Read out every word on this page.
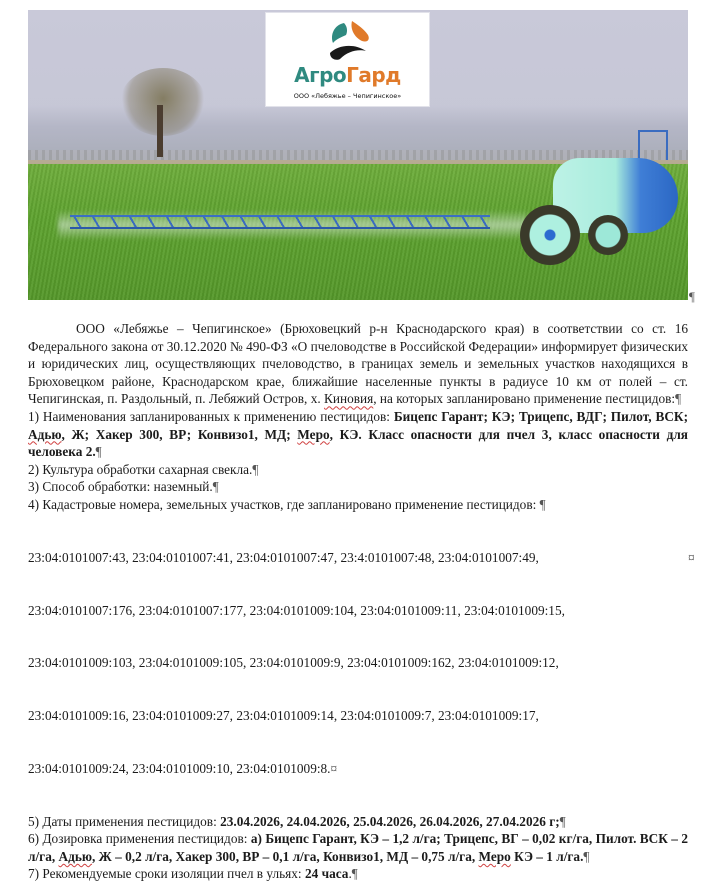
АгроГард
ООО «Лебяжье – Чепигинское»
¶

ООО «Лебяжье – Чепигинское» (Брюховецкий р-н Краснодарского края) в соответствии со ст. 16 Федерального закона от 30.12.2020 № 490-ФЗ «О пчеловодстве в Российской Федерации» информирует физических и юридических лиц, осуществляющих пчеловодство, в границах земель и земельных участков находящихся в Брюховецком районе, Краснодарском крае, ближайшие населенные пункты в радиусе 10 км от полей – ст. Чепигинская, п. Раздольный, п. Лебяжий Остров, х. Киновия, на которых запланировано применение пестицидов:¶

1) Наименования запланированных к применению пестицидов: Бицепс Гарант; КЭ; Трицепс, ВДГ; Пилот, ВСК; Адью, Ж; Хакер 300, ВР; Конвизо1, МД; Меро, КЭ. Класс опасности для пчел 3, класс опасности для человека 2.¶

2) Культура обработки сахарная свекла.¶

3) Способ обработки: наземный.¶

4) Кадастровые номера, земельных участков, где запланировано применение пестицидов: ¶

23:04:0101007:43, 23:04:0101007:41, 23:04:0101007:47, 23:4:0101007:48, 23:04:0101007:49,	¤

23:04:0101007:176, 23:04:0101007:177, 23:04:0101009:104, 23:04:0101009:11, 23:04:0101009:15,

23:04:0101009:103, 23:04:0101009:105, 23:04:0101009:9, 23:04:0101009:162, 23:04:0101009:12,

23:04:0101009:16, 23:04:0101009:27, 23:04:0101009:14, 23:04:0101009:7, 23:04:0101009:17,

23:04:0101009:24, 23:04:0101009:10, 23:04:0101009:8.¤

5) Даты применения пестицидов: 23.04.2026, 24.04.2026, 25.04.2026, 26.04.2026, 27.04.2026 г;¶

6) Дозировка применения пестицидов: а) Бицепс Гарант, КЭ – 1,2 л/га; Трицепс, ВГ – 0,02 кг/га, Пилот. ВСК – 2 л/га, Адью, Ж – 0,2 л/га, Хакер 300, ВР – 0,1 л/га, Конвизо1, МД – 0,75 л/га, Меро КЭ – 1 л/га.¶

7) Рекомендуемые сроки изоляции пчел в ульях: 24 часа.¶
